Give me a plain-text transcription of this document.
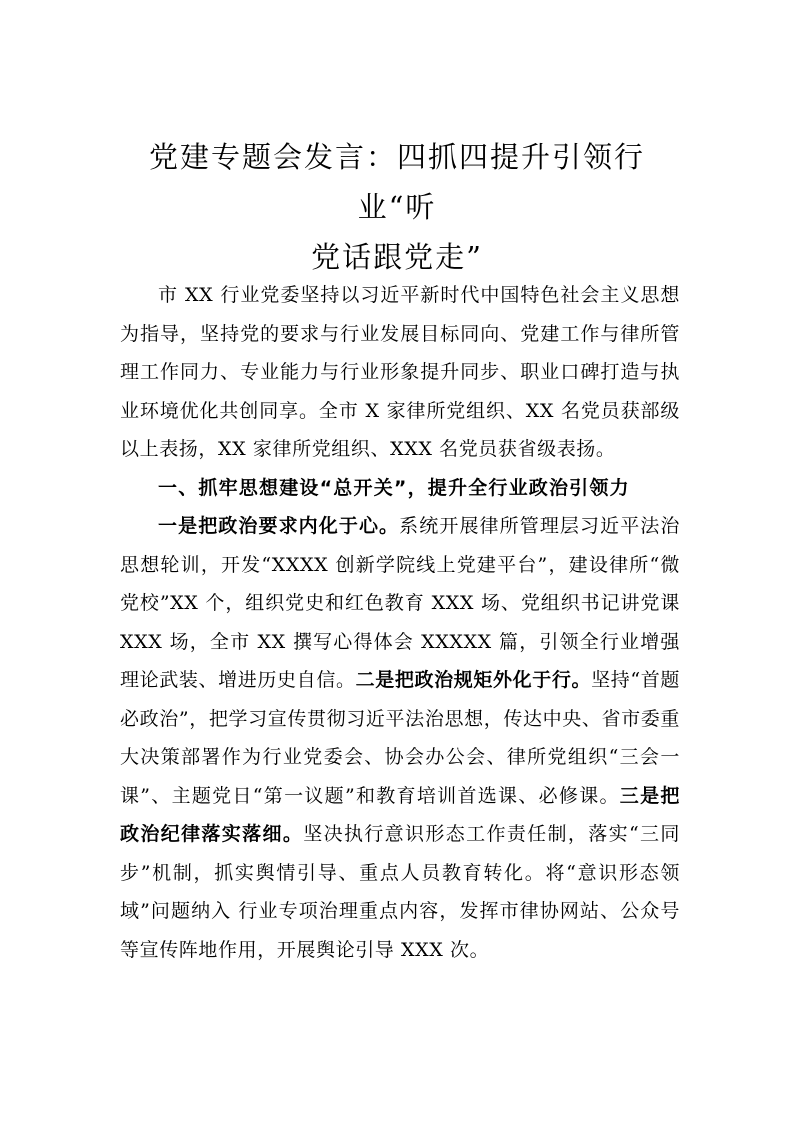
党建专题会发言：四抓四提升引领行业“听
党话跟党走”

市 XX 行业党委坚持以习近平新时代中国特色社会主义思想为指导，坚持党的要求与行业发展目标同向、党建工作与律所管理工作同力、专业能力与行业形象提升同步、职业口碑打造与执业环境优化共创同享。全市 X 家律所党组织、XX 名党员获部级以上表扬，XX 家律所党组织、XXX 名党员获省级表扬。

一、抓牢思想建设“总开关”，提升全行业政治引领力

一是把政治要求内化于心。系统开展律所管理层习近平法治思想轮训，开发“XXXX 创新学院线上党建平台”，建设律所“微党校”XX 个，组织党史和红色教育 XXX 场、党组织书记讲党课 XXX 场，全市 XX 撰写心得体会 XXXXX 篇，引领全行业增强理论武装、增进历史自信。二是把政治规矩外化于行。坚持“首题必政治”，把学习宣传贯彻习近平法治思想，传达中央、省市委重大决策部署作为行业党委会、协会办公会、律所党组织“三会一课”、主题党日“第一议题”和教育培训首选课、必修课。三是把政治纪律落实落细。坚决执行意识形态工作责任制，落实“三同步”机制，抓实舆情引导、重点人员教育转化。将“意识形态领域”问题纳入 行业专项治理重点内容，发挥市律协网站、公众号等宣传阵地作用，开展舆论引导 XXX 次。
